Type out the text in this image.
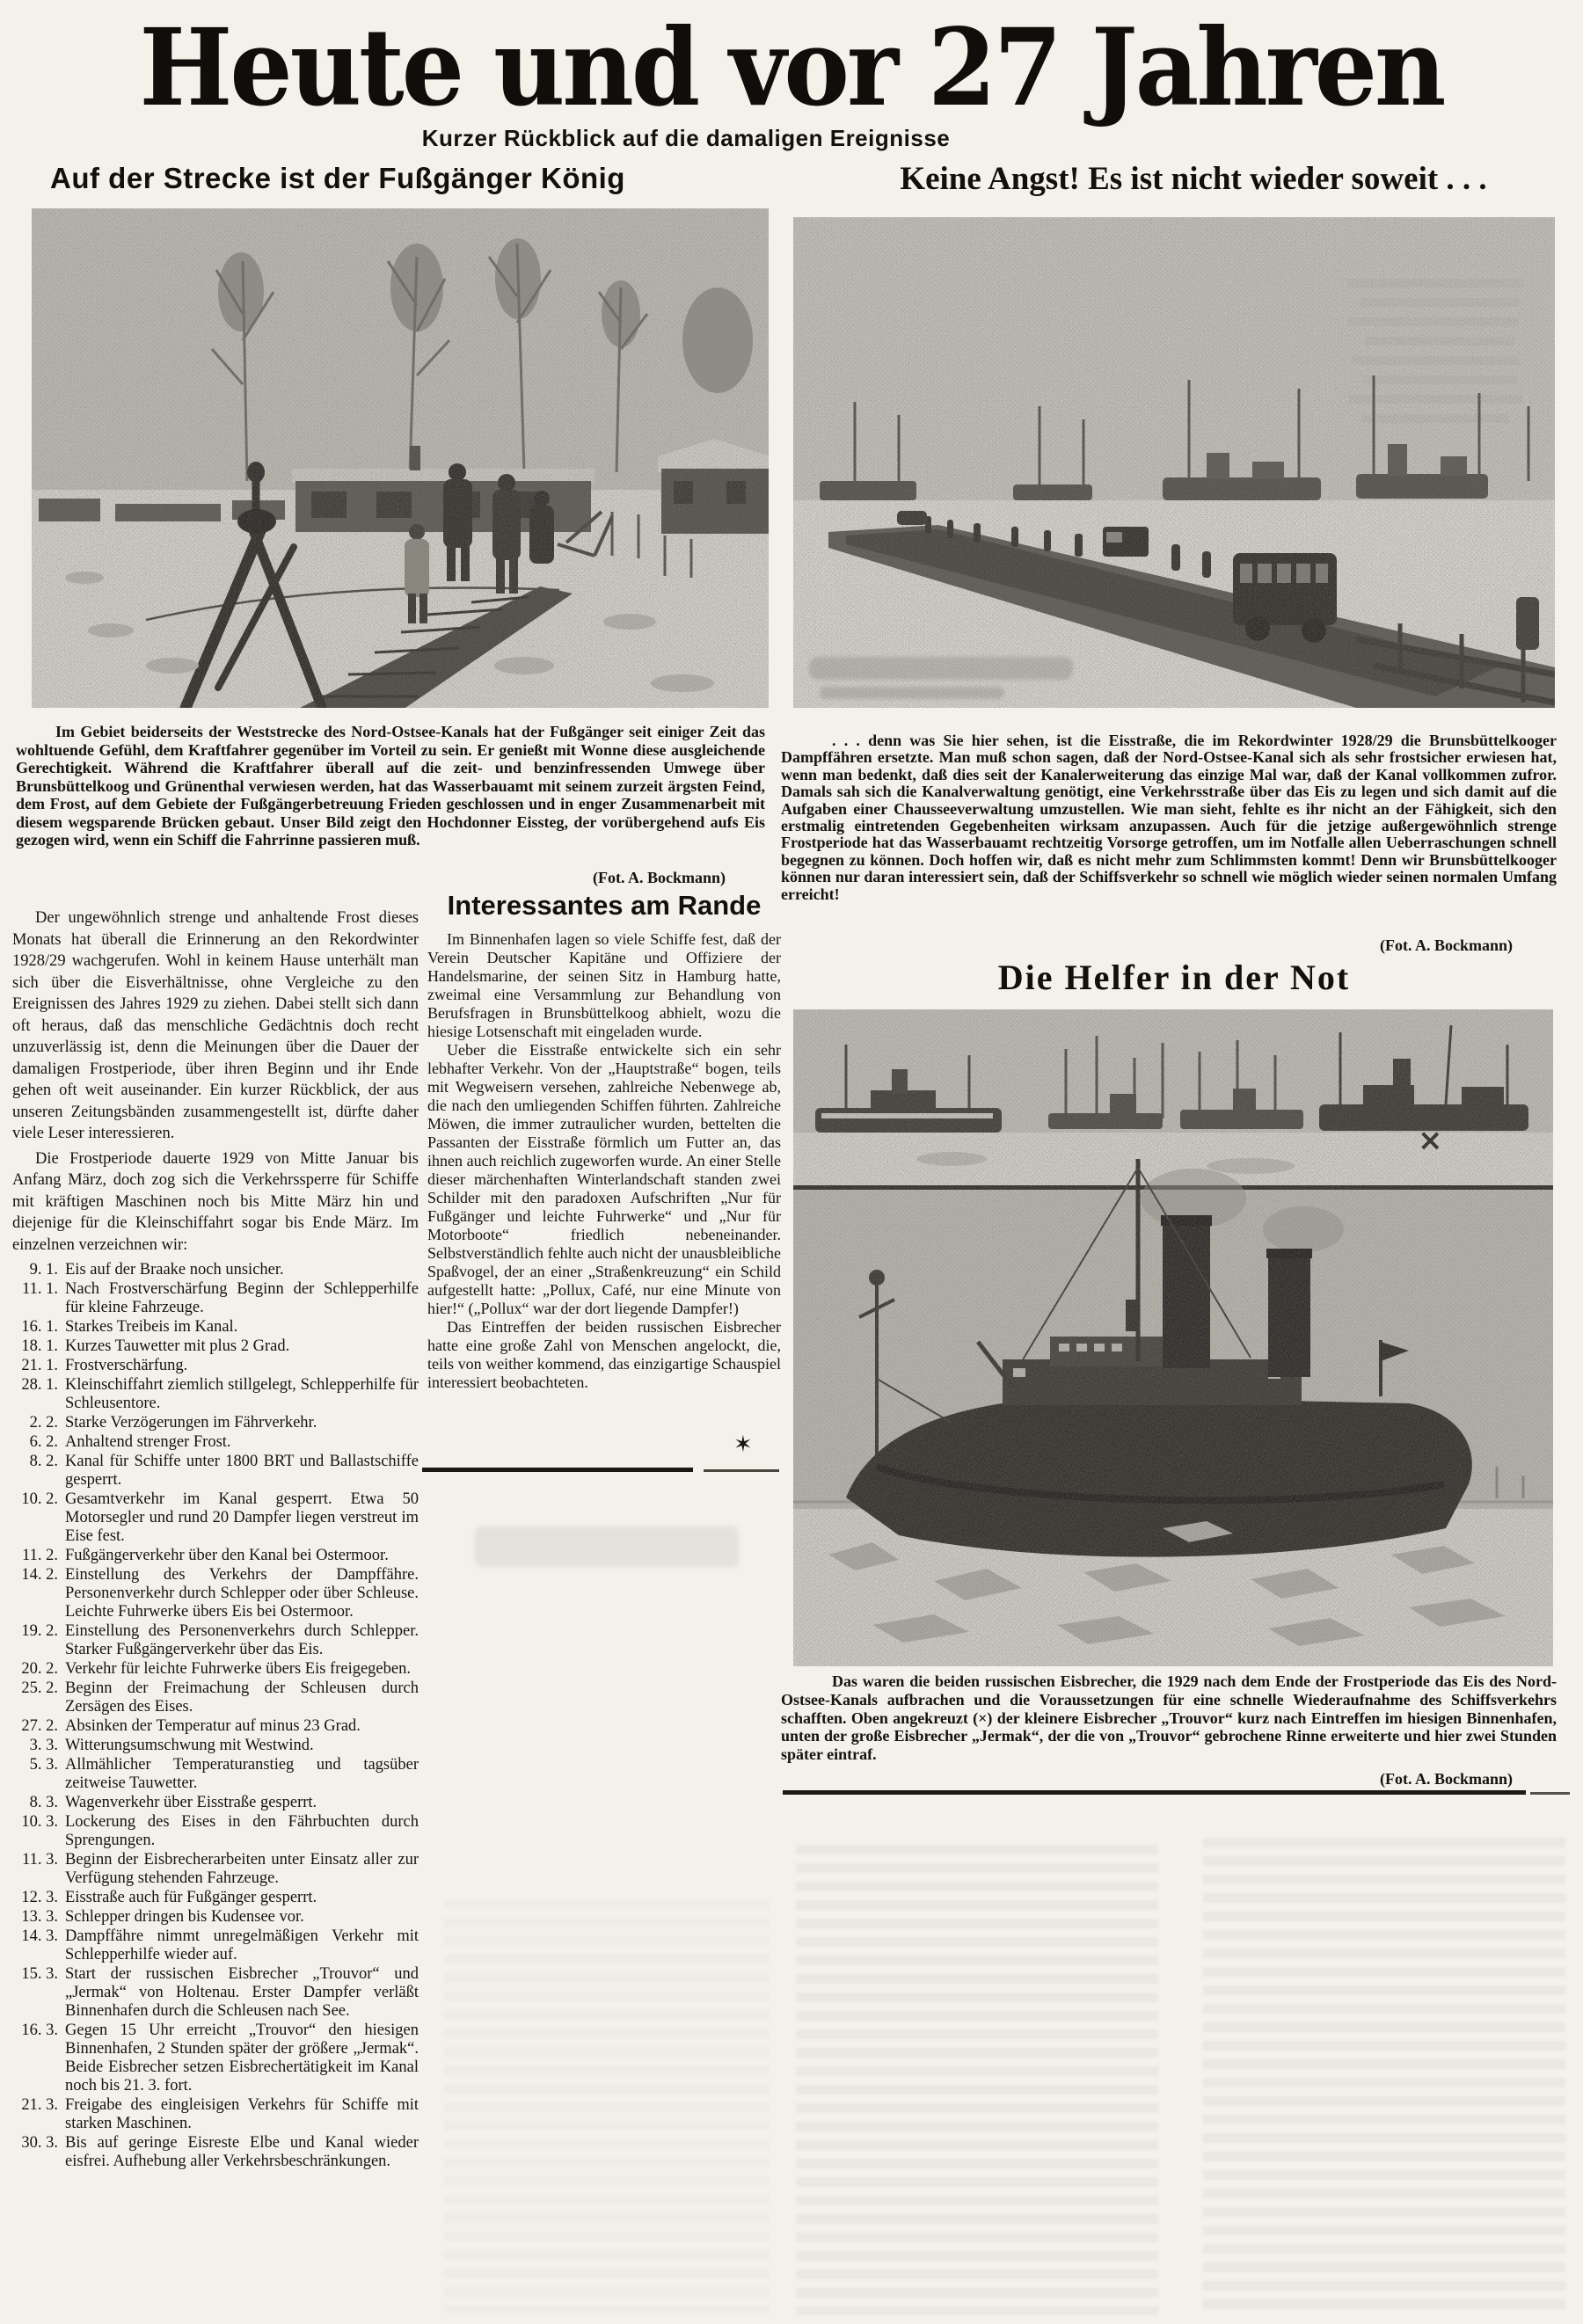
Heute und vor 27 Jahren
Kurzer Rückblick auf die damaligen Ereignisse
Auf der Strecke ist der Fußgänger König	Keine Angst! Es ist nicht wieder soweit . . .
Im Gebiet beiderseits der Weststrecke des Nord-Ostsee-Kanals hat der Fußgänger seit einiger Zeit das wohltuende Gefühl, dem Kraftfahrer gegenüber im Vorteil zu sein. Er genießt mit Wonne diese ausgleichende Gerechtigkeit. Während die Kraftfahrer überall auf die zeit- und benzinfressenden Umwege über Brunsbüttelkoog und Grünenthal verwiesen werden, hat das Wasserbauamt mit seinem zurzeit ärgsten Feind, dem Frost, auf dem Gebiete der Fußgängerbetreuung Frieden geschlossen und in enger Zusammenarbeit mit diesem wegsparende Brücken gebaut. Unser Bild zeigt den Hochdonner Eissteg, der vorübergehend aufs Eis gezogen wird, wenn ein Schiff die Fahrrinne passieren muß.
(Fot. A. Bockmann)
. . . denn was Sie hier sehen, ist die Eisstraße, die im Rekordwinter 1928/29 die Brunsbüttelkooger Dampffähren ersetzte. Man muß schon sagen, daß der Nord-Ostsee-Kanal sich als sehr frostsicher erwiesen hat, wenn man bedenkt, daß dies seit der Kanalerweiterung das einzige Mal war, daß der Kanal vollkommen zufror. Damals sah sich die Kanalverwaltung genötigt, eine Verkehrsstraße über das Eis zu legen und sich damit auf die Aufgaben einer Chausseeverwaltung umzustellen. Wie man sieht, fehlte es ihr nicht an der Fähigkeit, sich den erstmalig eintretenden Gegebenheiten wirksam anzupassen. Auch für die jetzige außergewöhnlich strenge Frostperiode hat das Wasserbauamt rechtzeitig Vorsorge getroffen, um im Notfalle allen Ueberraschungen schnell begegnen zu können. Doch hoffen wir, daß es nicht mehr zum Schlimmsten kommt! Denn wir Brunsbüttelkooger können nur daran interessiert sein, daß der Schiffsverkehr so schnell wie möglich wieder seinen normalen Umfang erreicht!
(Fot. A. Bockmann)

Der ungewöhnlich strenge und anhaltende Frost dieses Monats hat überall die Erinnerung an den Rekordwinter 1928/29 wachgerufen. Wohl in keinem Hause unterhält man sich über die Eisverhältnisse, ohne Vergleiche zu den Ereignissen des Jahres 1929 zu ziehen. Dabei stellt sich dann oft heraus, daß das menschliche Gedächtnis doch recht unzuverlässig ist, denn die Meinungen über die Dauer der damaligen Frostperiode, über ihren Beginn und ihr Ende gehen oft weit auseinander. Ein kurzer Rückblick, der aus unseren Zeitungsbänden zusammengestellt ist, dürfte daher viele Leser interessieren.

Die Frostperiode dauerte 1929 von Mitte Januar bis Anfang März, doch zog sich die Verkehrssperre für Schiffe mit kräftigen Maschinen noch bis Mitte März hin und diejenige für die Kleinschiffahrt sogar bis Ende März. Im einzelnen verzeichnen wir:

9. 1. Eis auf der Braake noch unsicher.
11. 1. Nach Frostverschärfung Beginn der Schlepperhilfe für kleine Fahrzeuge.
16. 1. Starkes Treibeis im Kanal.
18. 1. Kurzes Tauwetter mit plus 2 Grad.
21. 1. Frostverschärfung.
28. 1. Kleinschiffahrt ziemlich stillgelegt, Schlepperhilfe für Schleusentore.
2. 2. Starke Verzögerungen im Fährverkehr.
6. 2. Anhaltend strenger Frost.
8. 2. Kanal für Schiffe unter 1800 BRT und Ballastschiffe gesperrt.
10. 2. Gesamtverkehr im Kanal gesperrt. Etwa 50 Motorsegler und rund 20 Dampfer liegen verstreut im Eise fest.
11. 2. Fußgängerverkehr über den Kanal bei Ostermoor.
14. 2. Einstellung des Verkehrs der Dampffähre. Personenverkehr durch Schlepper oder über Schleuse. Leichte Fuhrwerke übers Eis bei Ostermoor.
19. 2. Einstellung des Personenverkehrs durch Schlepper. Starker Fußgängerverkehr über das Eis.
20. 2. Verkehr für leichte Fuhrwerke übers Eis freigegeben.
25. 2. Beginn der Freimachung der Schleusen durch Zersägen des Eises.
27. 2. Absinken der Temperatur auf minus 23 Grad.
3. 3. Witterungsumschwung mit Westwind.
5. 3. Allmählicher Temperaturanstieg und tagsüber zeitweise Tauwetter.
8. 3. Wagenverkehr über Eisstraße gesperrt.
10. 3. Lockerung des Eises in den Fährbuchten durch Sprengungen.
11. 3. Beginn der Eisbrecherarbeiten unter Einsatz aller zur Verfügung stehenden Fahrzeuge.
12. 3. Eisstraße auch für Fußgänger gesperrt.
13. 3. Schlepper dringen bis Kudensee vor.
14. 3. Dampffähre nimmt unregelmäßigen Verkehr mit Schlepperhilfe wieder auf.
15. 3. Start der russischen Eisbrecher „Trouvor“ und „Jermak“ von Holtenau. Erster Dampfer verläßt Binnenhafen durch die Schleusen nach See.
16. 3. Gegen 15 Uhr erreicht „Trouvor“ den hiesigen Binnenhafen, 2 Stunden später der größere „Jermak“. Beide Eisbrecher setzen Eisbrechertätigkeit im Kanal noch bis 21. 3. fort.
21. 3. Freigabe des eingleisigen Verkehrs für Schiffe mit starken Maschinen.
30. 3. Bis auf geringe Eisreste Elbe und Kanal wieder eisfrei. Aufhebung aller Verkehrsbeschränkungen.
Interessantes am Rande

Im Binnenhafen lagen so viele Schiffe fest, daß der Verein Deutscher Kapitäne und Offiziere der Handelsmarine, der seinen Sitz in Hamburg hatte, zweimal eine Versammlung zur Behandlung von Berufsfragen in Brunsbüttelkoog abhielt, wozu die hiesige Lotsenschaft mit eingeladen wurde.

Ueber die Eisstraße entwickelte sich ein sehr lebhafter Verkehr. Von der „Hauptstraße“ bogen, teils mit Wegweisern versehen, zahlreiche Nebenwege ab, die nach den umliegenden Schiffen führten. Zahlreiche Möwen, die immer zutraulicher wurden, bettelten die Passanten der Eisstraße förmlich um Futter an, das ihnen auch reichlich zugeworfen wurde. An einer Stelle dieser märchenhaften Winterlandschaft standen zwei Schilder mit den paradoxen Aufschriften „Nur für Fußgänger und leichte Fuhrwerke“ und „Nur für Motorboote“ friedlich nebeneinander. Selbstverständlich fehlte auch nicht der unausbleibliche Spaßvogel, der an einer „Straßenkreuzung“ ein Schild aufgestellt hatte: „Pollux, Café, nur eine Minute von hier!“ („Pollux“ war der dort liegende Dampfer!)

Das Eintreffen der beiden russischen Eisbrecher hatte eine große Zahl von Menschen angelockt, die, teils von weither kommend, das einzigartige Schauspiel interessiert beobachteten.

✶
Die Helfer in der Not
Das waren die beiden russischen Eisbrecher, die 1929 nach dem Ende der Frostperiode das Eis des Nord-Ostsee-Kanals aufbrachen und die Voraussetzungen für eine schnelle Wiederaufnahme des Schiffsverkehrs schafften. Oben angekreuzt (×) der kleinere Eisbrecher „Trouvor“ kurz nach Eintreffen im hiesigen Binnenhafen, unten der große Eisbrecher „Jermak“, der die von „Trouvor“ gebrochene Rinne erweiterte und hier zwei Stunden später eintraf.
(Fot. A. Bockmann)
